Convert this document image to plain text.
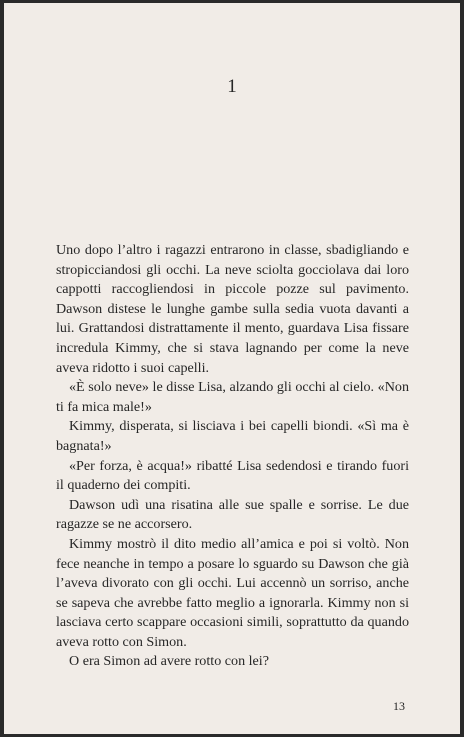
1

Uno dopo l’altro i ragazzi entrarono in classe, sbadigliando e stropicciandosi gli occhi. La neve sciolta gocciolava dai loro cappotti raccogliendosi in piccole pozze sul pavimento. Dawson distese le lunghe gambe sulla sedia vuota davanti a lui. Grattandosi distrattamente il mento, guardava Lisa fissare incredula Kimmy, che si stava lagnando per come la neve aveva ridotto i suoi capelli.

«È solo neve» le disse Lisa, alzando gli occhi al cielo. «Non ti fa mica male!»

Kimmy, disperata, si lisciava i bei capelli biondi. «Sì ma è bagnata!»

«Per forza, è acqua!» ribatté Lisa sedendosi e tirando fuori il quaderno dei compiti.

Dawson udì una risatina alle sue spalle e sorrise. Le due ragazze se ne accorsero.

Kimmy mostrò il dito medio all’amica e poi si voltò. Non fece neanche in tempo a posare lo sguardo su Dawson che già l’aveva divorato con gli occhi. Lui accennò un sorriso, anche se sapeva che avrebbe fatto meglio a ignorarla. Kimmy non si lasciava certo scappare occasioni simili, soprattutto da quando aveva rotto con Simon.

O era Simon ad avere rotto con lei?

13
